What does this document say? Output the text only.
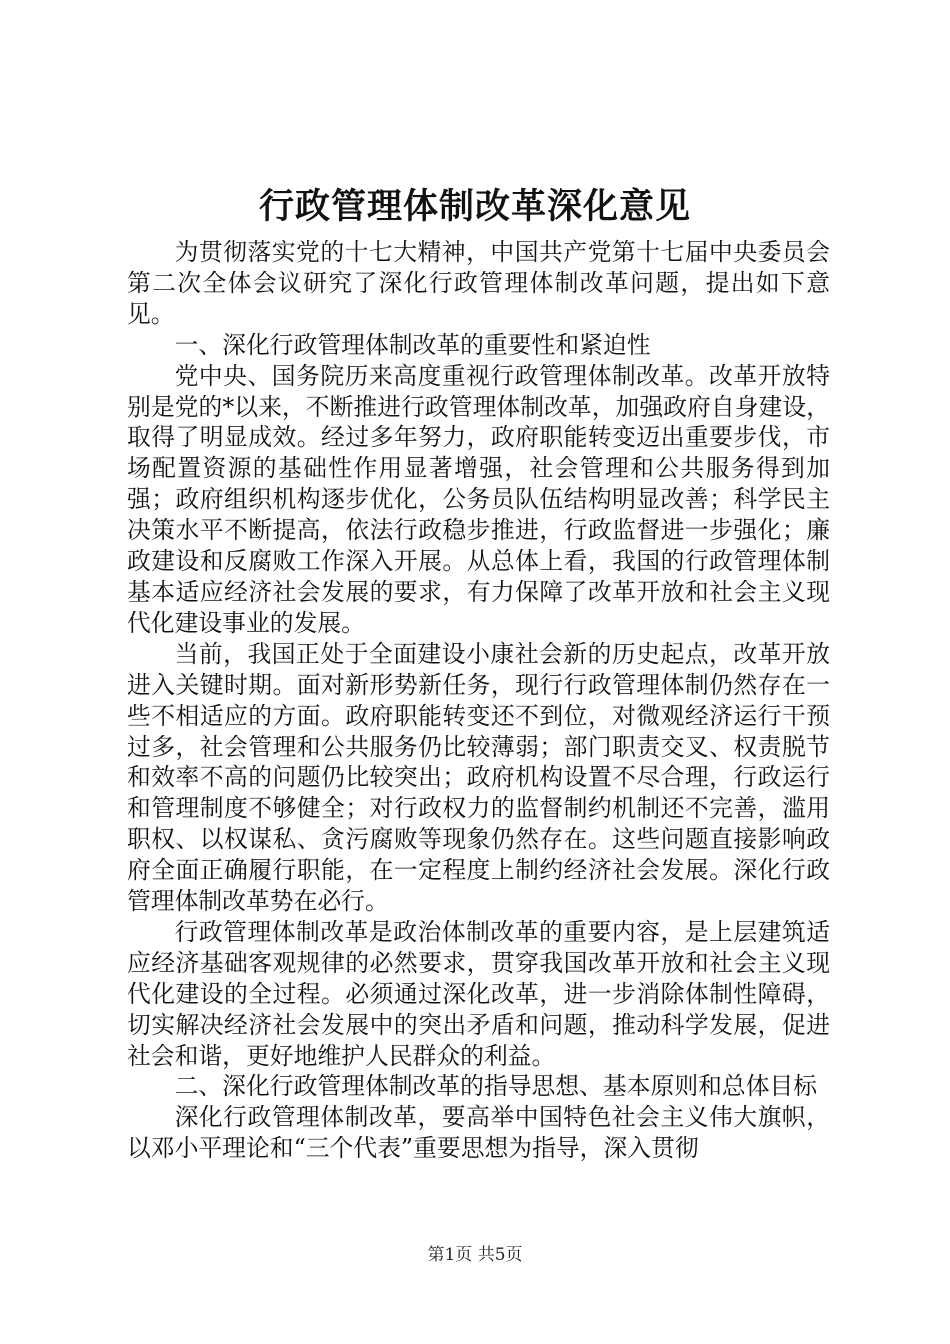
行政管理体制改革深化意见

为贯彻落实党的十七大精神，中国共产党第十七届中央委员会第二次全体会议研究了深化行政管理体制改革问题，提出如下意见。

一、深化行政管理体制改革的重要性和紧迫性

党中央、国务院历来高度重视行政管理体制改革。改革开放特别是党的*以来，不断推进行政管理体制改革，加强政府自身建设，取得了明显成效。经过多年努力，政府职能转变迈出重要步伐，市场配置资源的基础性作用显著增强，社会管理和公共服务得到加强；政府组织机构逐步优化，公务员队伍结构明显改善；科学民主决策水平不断提高，依法行政稳步推进，行政监督进一步强化；廉政建设和反腐败工作深入开展。从总体上看，我国的行政管理体制基本适应经济社会发展的要求，有力保障了改革开放和社会主义现代化建设事业的发展。

当前，我国正处于全面建设小康社会新的历史起点，改革开放进入关键时期。面对新形势新任务，现行行政管理体制仍然存在一些不相适应的方面。政府职能转变还不到位，对微观经济运行干预过多，社会管理和公共服务仍比较薄弱；部门职责交叉、权责脱节和效率不高的问题仍比较突出；政府机构设置不尽合理，行政运行和管理制度不够健全；对行政权力的监督制约机制还不完善，滥用职权、以权谋私、贪污腐败等现象仍然存在。这些问题直接影响政府全面正确履行职能，在一定程度上制约经济社会发展。深化行政管理体制改革势在必行。

行政管理体制改革是政治体制改革的重要内容，是上层建筑适应经济基础客观规律的必然要求，贯穿我国改革开放和社会主义现代化建设的全过程。必须通过深化改革，进一步消除体制性障碍，切实解决经济社会发展中的突出矛盾和问题，推动科学发展，促进社会和谐，更好地维护人民群众的利益。

二、深化行政管理体制改革的指导思想、基本原则和总体目标

深化行政管理体制改革，要高举中国特色社会主义伟大旗帜，以邓小平理论和“三个代表”重要思想为指导，深入贯彻

第1页 共5页
